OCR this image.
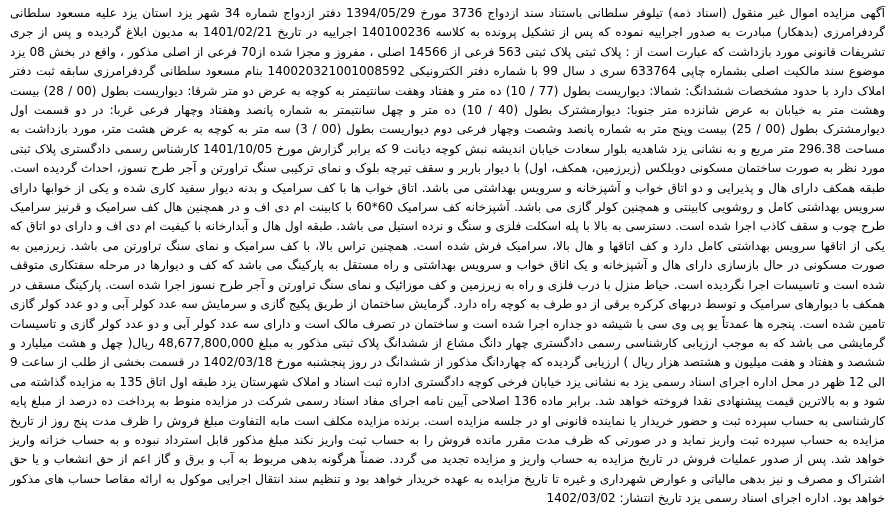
آگهی مزایده اموال غیر منقول (اسناد ذمه) تیلوفر سلطانی باستناد سند ازدواج 3736 مورخ 1394/05/29 دفتر ازدواج شماره 34 شهر یزد استان یزد علیه مسعود سلطانی گردفرامرزی (بدهکار) مبادرت به صدور اجراییه نموده که پس از تشکیل پرونده به کلاسه 140100236 اجراییه در تاریخ 1401/02/21 به مدیون ابلاغ گردیده و پس از جری تشریفات قانونی مورد بازداشت که عبارت است از : پلاک ثبتی پلاک ثبتی 563 فرعی از 14566 اصلی ، مفروز و مجزا شده از70 فرعی از اصلی مذکور ، واقع در بخش 08 یزد موضوع سند مالکیت اصلی بشماره چاپی 633764 سری د سال 99 با شماره دفتر الکترونیکی 140020321001008592 بنام مسعود سلطانی گردفرامرزی سابقه ثبت دفتر املاک دارد با حدود مشخصات ششدانگ: شمالا: دیواریست بطول (77 / 10) ده متر و هفتاد وهفت سانتیمتر به کوچه به عرض دو متر شرقا: دیواریست بطول (00 / 28) بیست وهشت متر به خیابان به عرض شانزده متر جنوبا: دیوارمشترک بطول (40 / 10) ده متر و چهل سانتیمتر به شماره پانصد وهفتاد وچهار فرعی غربا: در دو قسمت اول دیوارمشترک بطول (00 / 25) بیست وپنج متر به شماره پانصد وشصت وچهار فرعی دوم دیواریست بطول (00 / 3) سه متر به کوچه به عرض هشت متر، مورد بازداشت به مساحت 296.38 متر مربع و به نشانی یزد شاهدیه بلوار سعادت خیابان اندیشه نبش کوچه دیانت 9 که برابر گزارش مورخ 1401/10/05 کارشناس رسمی دادگستری پلاک ثبتی مورد نظر به صورت ساختمان مسکونی دوبلکس (زیرزمین، همکف، اول) با دیوار باربر و سقف تیرچه بلوک و نمای ترکیبی سنگ تراورتن و آجر طرح نسوز، احداث گردیده است. طبقه همکف دارای هال و پذیرایی و دو اتاق خواب و آشپزخانه و سرویس بهداشتی می باشد. اتاق خواب ها با کف سرامیک و بدنه دیوار سفید کاری شده و یکی از خوابها دارای سرویس بهداشتی کامل و روشویی کابینتی و همچنین کولر گازی می باشد. آشپزخانه کف سرامیک 60*60 با کابینت ام دی اف و در همچنین هال کف سرامیک و قرنیز سرامیک طرح چوب و سقف کاذب اجرا شده است. دسترسی به بالا با پله اسکلت فلزی و سنگ و نرده استیل می باشد. طبقه اول هال و آبدارخانه با کیفیت ام دی اف و دارای دو اتاق که یکی از اتاقها سرویس بهداشتی کامل دارد و کف اتاقها و هال بالا، سرامیک فرش شده است. همچنین تراس بالا، با کف سرامیک و نمای سنگ تراورتن می باشد. زیرزمین به صورت مسکونی در حال بازسازی دارای هال و آشپزخانه و یک اتاق خواب و سرویس بهداشتی و راه مستقل به پارکینگ می باشد که کف و دیوارها در مرحله سفتکاری متوقف شده است و تاسیسات اجرا نگردیده است. حیاط منزل با درب فلزی و راه به زیرزمین و کف موزائیک و نمای سنگ تراورتن و آجر طرح نسوز اجرا شده است. پارکینگ مسقف در همکف با دیوارهای سرامیک و توسط دربهای کرکره برقی از دو طرف به کوچه راه دارد. گرمایش ساختمان از طریق پکیج گازی و سرمایش سه عدد کولر آبی و دو عدد کولر گازی تامین شده است. پنجره ها عمدتاً یو پی وی سی با شیشه دو جداره اجرا شده است و ساختمان در تصرف مالک است و دارای سه عدد کولر آبی و دو عدد کولر گازی و تاسیسات گرمایشی می باشد که به موجب ارزیابی کارشناسی رسمی دادگستری چهار دانگ مشاع از ششدانگ پلاک ثبتی مذکور به مبلغ 48,677,800,000 ریال( چهل و هشت میلیارد و ششصد و هفتاد و هفت میلیون و هشتصد هزار ریال ) ارزیابی گردیده که چهاردانگ مذکور از ششدانگ در روز پنجشنبه مورخ 1402/03/18 در قسمت بخشی از طلب از ساعت 9 الی 12 ظهر در محل اداره اجرای اسناد رسمی یزد به نشانی یزد خیابان فرخی کوچه دادگستری اداره ثبت اسناد و املاک شهرستان یزد طبقه اول اتاق 135 به مزایده گذاشته می شود و به بالاترین قیمت پیشنهادی نقدا فروخته خواهد شد. برابر ماده 136 اصلاحی آیین نامه اجرای مفاد اسناد رسمی شرکت در مزایده منوط به پرداخت ده درصد از مبلغ پایه کارشناسی به حساب سپرده ثبت و حضور خریدار یا نماینده قانونی او در جلسه مزایده است. برنده مزایده مکلف است مابه التفاوت مبلغ فروش را ظرف مدت پنج روز از تاریخ مزایده به حساب سپرده ثبت واریز نماید و در صورتی که ظرف مدت مقرر مانده فروش را به حساب ثبت واریز نکند مبلغ مذکور قابل استرداد نبوده و به حساب خزانه واریز خواهد شد. پس از صدور عملیات فروش در تاریخ مزایده به حساب واریز و مزایده تجدید می گردد. ضمناً هرگونه بدهی مربوط به آب و برق و گاز اعم از حق انشعاب و یا حق اشتراک و مصرف و نیز بدهی مالیاتی و عوارض شهرداری و غیره تا تاریخ مزایده به عهده خریدار خواهد بود و تنظیم سند انتقال اجرایی موکول به ارائه مفاصا حساب های مذکور خواهد بود. اداره اجرای اسناد رسمی یزد تاریخ انتشار: 1402/03/02
